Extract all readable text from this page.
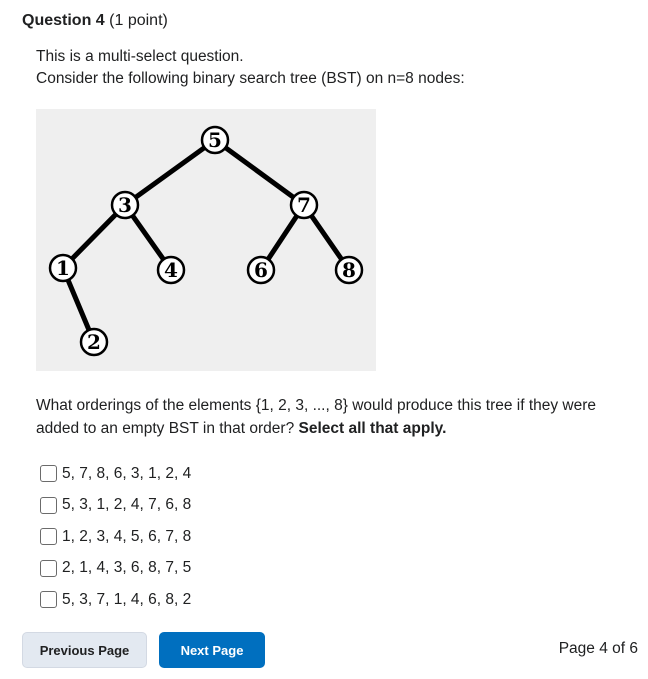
Question 4 (1 point)
This is a multi-select question.
Consider the following binary search tree (BST) on n=8 nodes:
5
3	7
1	4	6	8
2
What orderings of the elements {1, 2, 3, ..., 8} would produce this tree if they were added to an empty BST in that order? Select all that apply.
5, 7, 8, 6, 3, 1, 2, 4
5, 3, 1, 2, 4, 7, 6, 8
1, 2, 3, 4, 5, 6, 7, 8
2, 1, 4, 3, 6, 8, 7, 5
5, 3, 7, 1, 4, 6, 8, 2
Previous Page	Next Page	Page 4 of 6
